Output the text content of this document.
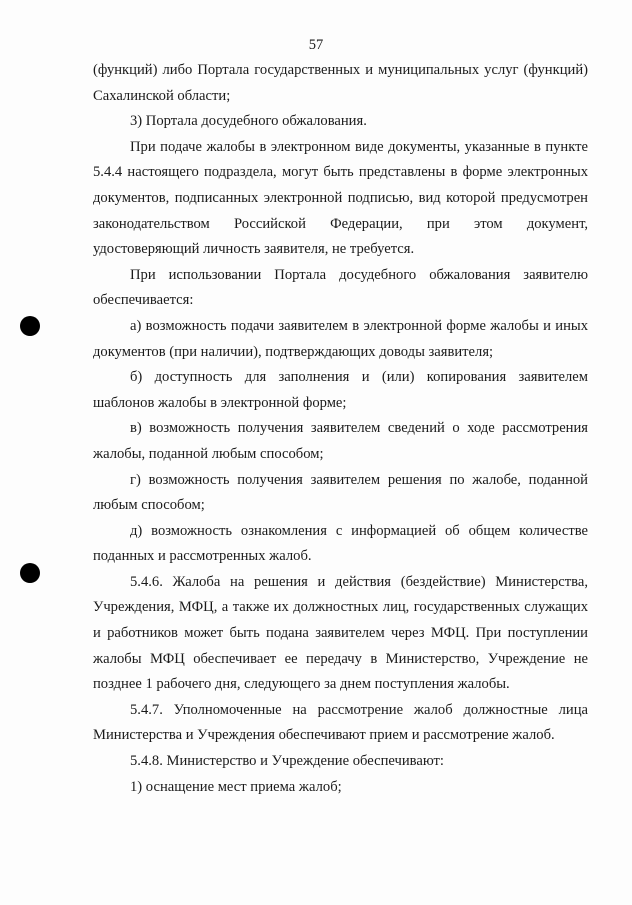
57

(функций) либо Портала государственных и муниципальных услуг (функций) Сахалинской области;

3) Портала досудебного обжалования.

При подаче жалобы в электронном виде документы, указанные в пункте 5.4.4 настоящего подраздела, могут быть представлены в форме электронных документов, подписанных электронной подписью, вид которой предусмотрен законодательством Российской Федерации, при этом документ, удостоверяющий личность заявителя, не требуется.

При использовании Портала досудебного обжалования заявителю обеспечивается:

а) возможность подачи заявителем в электронной форме жалобы и иных документов (при наличии), подтверждающих доводы заявителя;

б) доступность для заполнения и (или) копирования заявителем шаблонов жалобы в электронной форме;

в) возможность получения заявителем сведений о ходе рассмотрения жалобы, поданной любым способом;

г) возможность получения заявителем решения по жалобе, поданной любым способом;

д) возможность ознакомления с информацией об общем количестве поданных и рассмотренных жалоб.

5.4.6. Жалоба на решения и действия (бездействие) Министерства, Учреждения, МФЦ, а также их должностных лиц, государственных служащих и работников может быть подана заявителем через МФЦ. При поступлении жалобы МФЦ обеспечивает ее передачу в Министерство, Учреждение не позднее 1 рабочего дня, следующего за днем поступления жалобы.

5.4.7. Уполномоченные на рассмотрение жалоб должностные лица Министерства и Учреждения обеспечивают прием и рассмотрение жалоб.

5.4.8. Министерство и Учреждение обеспечивают:

1) оснащение мест приема жалоб;
